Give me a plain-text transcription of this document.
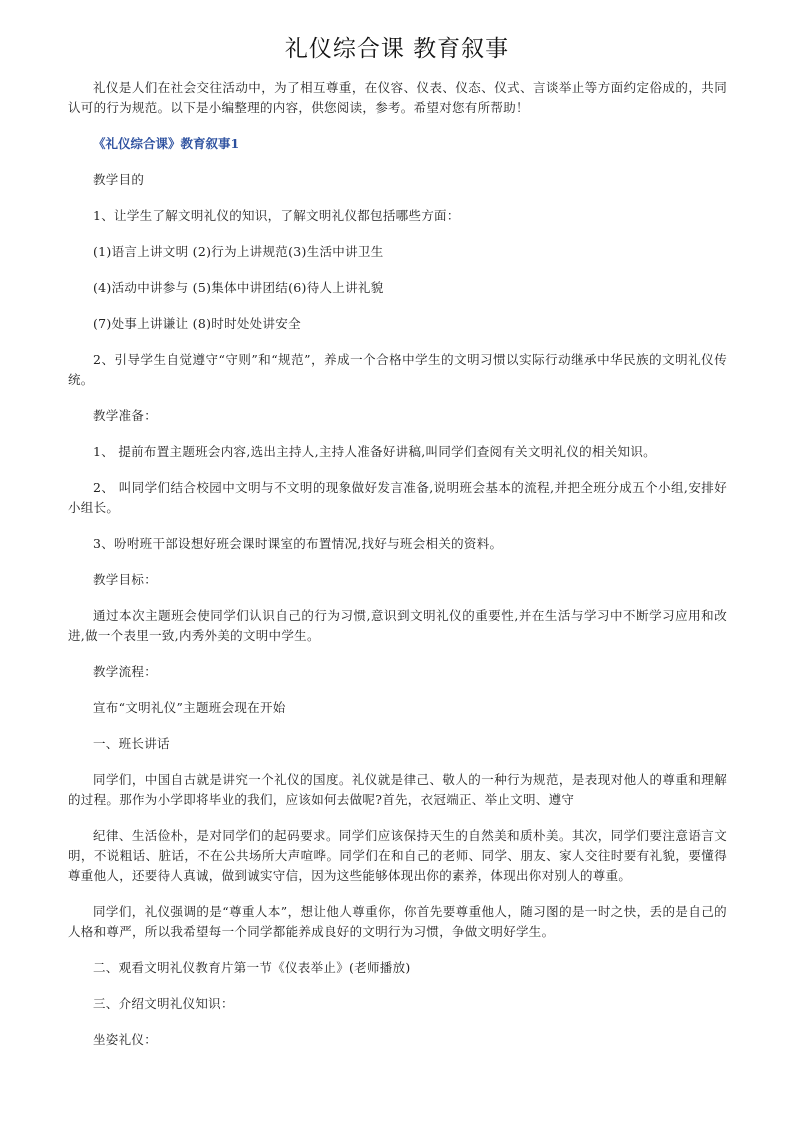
礼仪综合课 教育叙事

礼仪是人们在社会交往活动中，为了相互尊重，在仪容、仪表、仪态、仪式、言谈举止等方面约定俗成的，共同认可的行为规范。以下是小编整理的内容，供您阅读，参考。希望对您有所帮助！

《礼仪综合课》教育叙事1

教学目的

1、让学生了解文明礼仪的知识，了解文明礼仪都包括哪些方面：

(1)语言上讲文明 (2)行为上讲规范(3)生活中讲卫生

(4)活动中讲参与 (5)集体中讲团结(6)待人上讲礼貌

(7)处事上讲谦让 (8)时时处处讲安全

2、引导学生自觉遵守“守则”和“规范”，养成一个合格中学生的文明习惯以实际行动继承中华民族的文明礼仪传统。

教学准备：

1、 提前布置主题班会内容,选出主持人,主持人准备好讲稿,叫同学们查阅有关文明礼仪的相关知识。

2、 叫同学们结合校园中文明与不文明的现象做好发言准备,说明班会基本的流程,并把全班分成五个小组,安排好小组长。

3、吩咐班干部设想好班会课时课室的布置情况,找好与班会相关的资料。

教学目标：

通过本次主题班会使同学们认识自己的行为习惯,意识到文明礼仪的重要性,并在生活与学习中不断学习应用和改进,做一个表里一致,内秀外美的文明中学生。

教学流程：

宣布“文明礼仪”主题班会现在开始

一、班长讲话

同学们，中国自古就是讲究一个礼仪的国度。礼仪就是律己、敬人的一种行为规范，是表现对他人的尊重和理解的过程。那作为小学即将毕业的我们，应该如何去做呢?首先，衣冠端正、举止文明、遵守

纪律、生活俭朴，是对同学们的起码要求。同学们应该保持天生的自然美和质朴美。其次，同学们要注意语言文明，不说粗话、脏话，不在公共场所大声喧哗。同学们在和自己的老师、同学、朋友、家人交往时要有礼貌，要懂得尊重他人，还要待人真诚，做到诚实守信，因为这些能够体现出你的素养，体现出你对别人的尊重。

同学们，礼仪强调的是“尊重人本”，想让他人尊重你，你首先要尊重他人，随习图的是一时之快，丢的是自己的人格和尊严，所以我希望每一个同学都能养成良好的文明行为习惯，争做文明好学生。

二、观看文明礼仪教育片第一节《仪表举止》(老师播放)

三、介绍文明礼仪知识：

坐姿礼仪：
